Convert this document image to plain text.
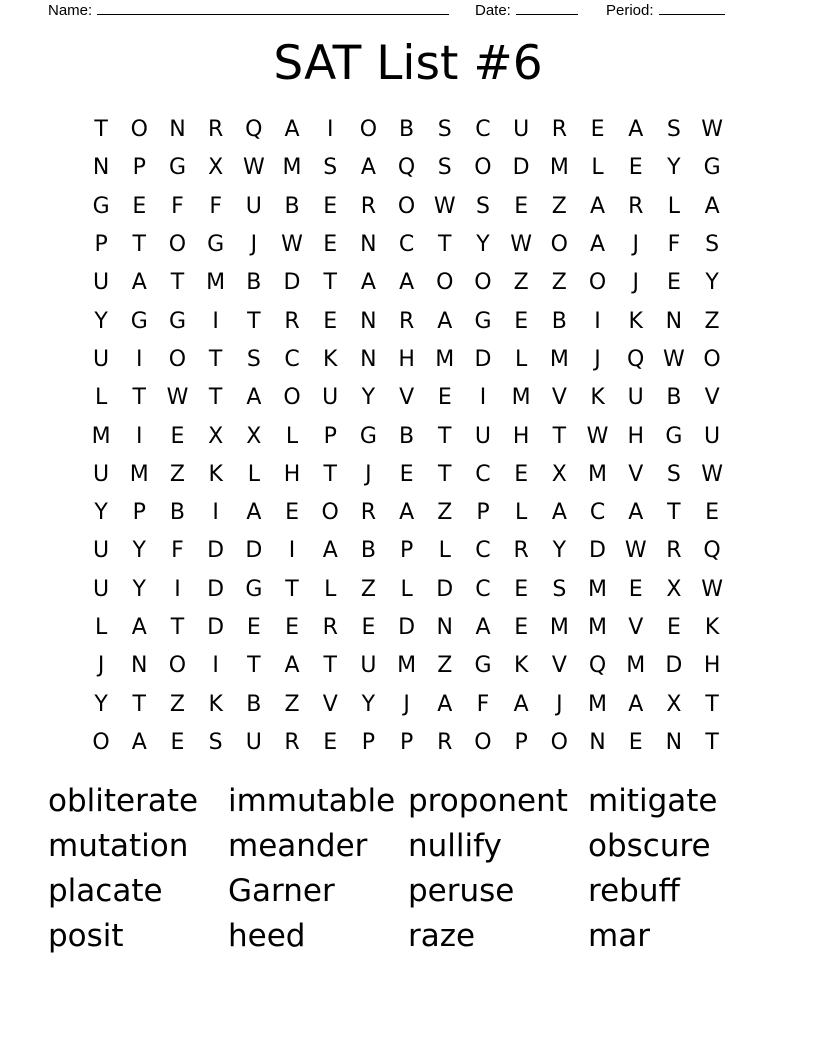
Name:	Date:	Period:
SAT List #6
T	O N	R Q	A	I	O B	S	C	U	R	E	A	S W
N	P	G	X W M S	A Q	S	O D M	L	E	Y	G
G	E	F	F	U	B	E	R O W S	E	Z	A	R	L	A
P	T	O G	J	W E	N	C	T	Y W O	A	J	F	S
U	A	T M B	D	T	A	A O O Z	Z O	J	E	Y
Y	G G	I	T	R	E	N	R	A	G	E	B	I	K	N	Z
U	I	O	T	S	C	K	N H M D	L	M	J	Q W O
L	T W T	A O U	Y	V	E	I	M V	K	U	B	V
M	I	E	X	X	L	P	G	B	T	U H	T W H G U
U M Z	K	L	H	T	J	E	T	C	E	X M V	S W
Y	P	B	I	A	E	O R	A	Z	P	L	A	C	A	T	E
U	Y	F	D D	I	A	B	P	L	C	R	Y	D W R Q
U	Y	I	D G	T	L	Z	L	D	C	E	S M E	X W
L	A	T	D	E	E	R	E	D N	A	E M M V	E	K
J	N O	I	T	A	T	U M Z	G	K	V Q M D H
Y	T	Z	K	B	Z	V	Y	J	A	F	A	J	M A	X	T
O	A	E	S	U	R	E	P	P	R O	P	O N	E	N	T
obliterate immutable proponent mitigate
mutation	meander	nullify	obscure
placate	Garner	peruse	rebuff
posit	heed	raze	mar
